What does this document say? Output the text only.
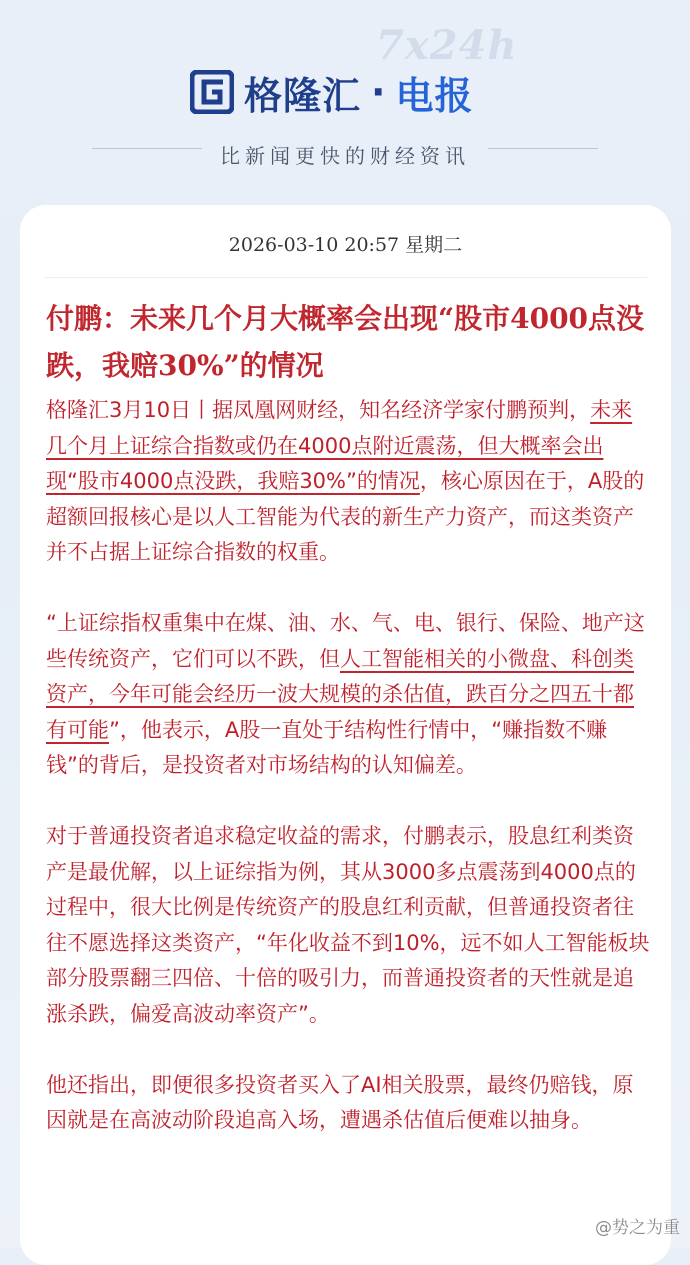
7x24h
格隆汇 · 电报
比新闻更快的财经资讯
2026-03-10 20:57 星期二
付鹏：未来几个月大概率会出现“股市4000点没跌，我赔30%”的情况

格隆汇3月10日丨据凤凰网财经，知名经济学家付鹏预判，未来几个月上证综合指数或仍在4000点附近震荡，但大概率会出现“股市4000点没跌，我赔30%”的情况，核心原因在于，A股的超额回报核心是以人工智能为代表的新生产力资产，而这类资产并不占据上证综合指数的权重。

“上证综指权重集中在煤、油、水、气、电、银行、保险、地产这些传统资产，它们可以不跌，但人工智能相关的小微盘、科创类资产，今年可能会经历一波大规模的杀估值，跌百分之四五十都有可能”，他表示，A股一直处于结构性行情中，“赚指数不赚钱”的背后，是投资者对市场结构的认知偏差。

对于普通投资者追求稳定收益的需求，付鹏表示，股息红利类资产是最优解，以上证综指为例，其从3000多点震荡到4000点的过程中，很大比例是传统资产的股息红利贡献，但普通投资者往往不愿选择这类资产，“年化收益不到10%，远不如人工智能板块部分股票翻三四倍、十倍的吸引力，而普通投资者的天性就是追涨杀跌，偏爱高波动率资产”。

他还指出，即便很多投资者买入了AI相关股票，最终仍赔钱，原因就是在高波动阶段追高入场，遭遇杀估值后便难以抽身。

@势之为重
